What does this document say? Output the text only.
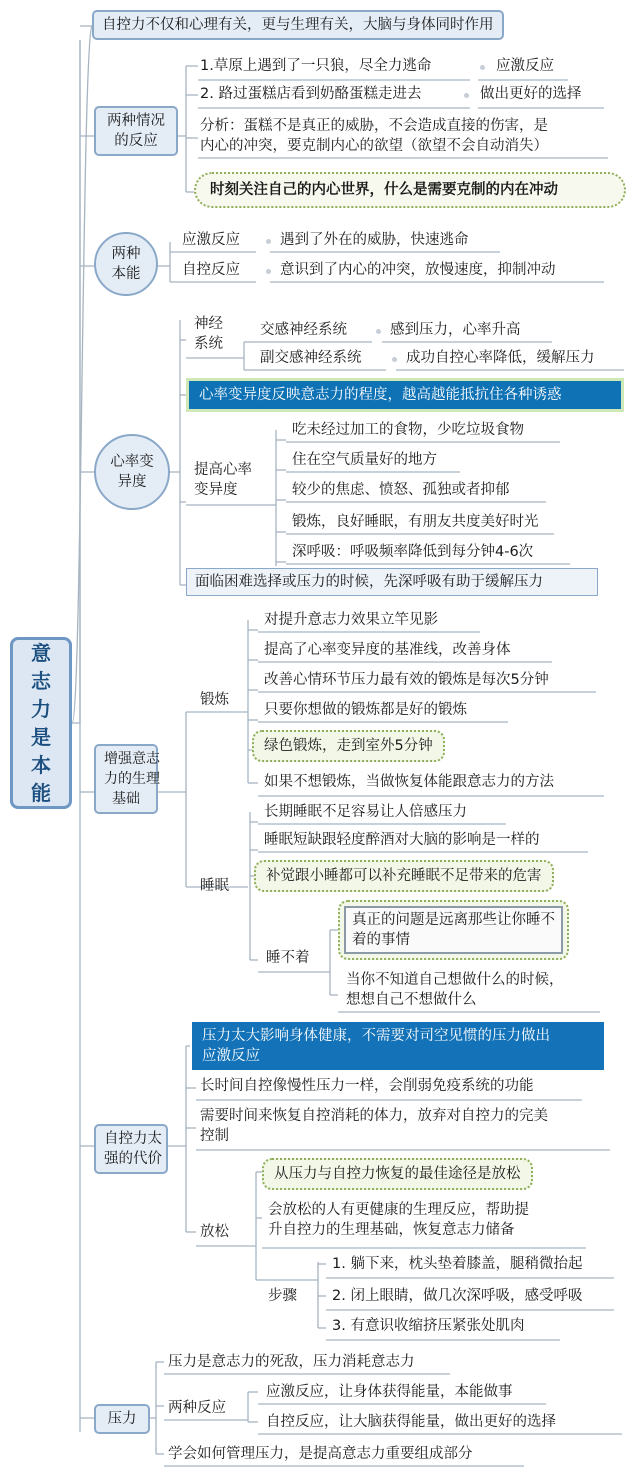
意
志
力
是
本
能
自控力不仅和心理有关，更与生理有关，大脑与身体同时作用
两种情况
的反应
1.草原上遇到了一只狼，尽全力逃命	应激反应
2. 路过蛋糕店看到奶酪蛋糕走进去	做出更好的选择
分析：蛋糕不是真正的威胁，不会造成直接的伤害，是
内心的冲突，要克制内心的欲望（欲望不会自动消失）
时刻关注自己的内心世界，什么是需要克制的内在冲动
两种
本能
应激反应	遇到了外在的威胁，快速逃命
自控反应	意识到了内心的冲突，放慢速度，抑制冲动
心率变
异度
神经
系统
交感神经系统	感到压力，心率升高
副交感神经系统	成功自控心率降低，缓解压力
心率变异度反映意志力的程度，越高越能抵抗住各种诱惑
提高心率
变异度
吃未经过加工的食物，少吃垃圾食物
住在空气质量好的地方
较少的焦虑、愤怒、孤独或者抑郁
锻炼，良好睡眠，有朋友共度美好时光
深呼吸：呼吸频率降低到每分钟4-6次
面临困难选择或压力的时候，先深呼吸有助于缓解压力
增强意志
力的生理
基础
锻炼
对提升意志力效果立竿见影
提高了心率变异度的基准线，改善身体
改善心情环节压力最有效的锻炼是每次5分钟
只要你想做的锻炼都是好的锻炼
绿色锻炼，走到室外5分钟
如果不想锻炼，当做恢复体能跟意志力的方法
睡眠
长期睡眠不足容易让人倍感压力
睡眠短缺跟轻度醉酒对大脑的影响是一样的
补觉跟小睡都可以补充睡眠不足带来的危害
睡不着
真正的问题是远离那些让你睡不
着的事情
当你不知道自己想做什么的时候，
想想自己不想做什么
自控力太
强的代价
压力太大影响身体健康，不需要对司空见惯的压力做出
应激反应
长时间自控像慢性压力一样，会削弱免疫系统的功能
需要时间来恢复自控消耗的体力，放弃对自控力的完美
控制
放松
从压力与自控力恢复的最佳途径是放松
会放松的人有更健康的生理反应，帮助提
升自控力的生理基础，恢复意志力储备
步骤
1. 躺下来，枕头垫着膝盖，腿稍微抬起
2. 闭上眼睛，做几次深呼吸，感受呼吸
3. 有意识收缩挤压紧张处肌肉
压力
压力是意志力的死敌，压力消耗意志力
两种反应
应激反应，让身体获得能量，本能做事
自控反应，让大脑获得能量，做出更好的选择
学会如何管理压力，是提高意志力重要组成部分
